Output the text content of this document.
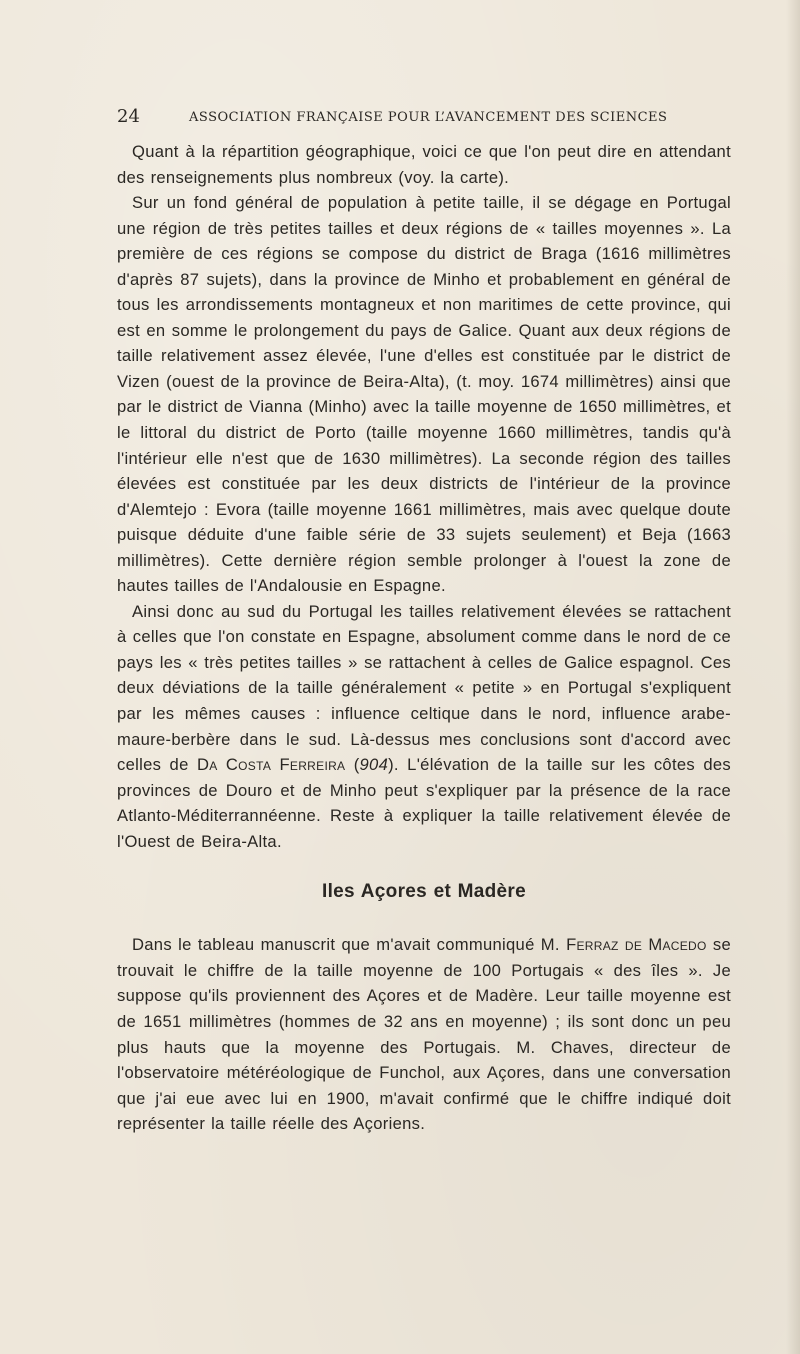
24	ASSOCIATION FRANÇAISE POUR L’AVANCEMENT DES SCIENCES

Quant à la répartition géographique, voici ce que l'on peut dire en attendant des renseignements plus nombreux (voy. la carte).

Sur un fond général de population à petite taille, il se dégage en Portugal une région de très petites tailles et deux régions de « tailles moyennes ». La première de ces régions se compose du district de Braga (1616 millimètres d'après 87 sujets), dans la province de Minho et probablement en général de tous les arrondissements montagneux et non maritimes de cette province, qui est en somme le prolongement du pays de Galice. Quant aux deux régions de taille relativement assez élevée, l'une d'elles est constituée par le district de Vizen (ouest de la province de Beira-Alta), (t. moy. 1674 millimètres) ainsi que par le district de Vianna (Minho) avec la taille moyenne de 1650 millimètres, et le littoral du district de Porto (taille moyenne 1660 millimètres, tandis qu'à l'intérieur elle n'est que de 1630 millimètres). La seconde région des tailles élevées est constituée par les deux districts de l'intérieur de la province d'Alemtejo : Evora (taille moyenne 1661 millimètres, mais avec quelque doute puisque déduite d'une faible série de 33 sujets seulement) et Beja (1663 millimètres). Cette dernière région semble prolonger à l'ouest la zone de hautes tailles de l'Andalousie en Espagne.

Ainsi donc au sud du Portugal les tailles relativement élevées se rattachent à celles que l'on constate en Espagne, absolument comme dans le nord de ce pays les « très petites tailles » se rattachent à celles de Galice espagnol. Ces deux déviations de la taille généralement « petite » en Portugal s'expliquent par les mêmes causes : influence celtique dans le nord, influence arabe-maure-berbère dans le sud. Là-dessus mes conclusions sont d'accord avec celles de Da Costa Ferreira (904). L'élévation de la taille sur les côtes des provinces de Douro et de Minho peut s'expliquer par la présence de la race Atlanto-Méditerrannéenne. Reste à expliquer la taille relativement élevée de l'Ouest de Beira-Alta.

Iles Açores et Madère

Dans le tableau manuscrit que m'avait communiqué M. Ferraz de Macedo se trouvait le chiffre de la taille moyenne de 100 Portugais « des îles ». Je suppose qu'ils proviennent des Açores et de Madère. Leur taille moyenne est de 1651 millimètres (hommes de 32 ans en moyenne) ; ils sont donc un peu plus hauts que la moyenne des Portugais. M. Chaves, directeur de l'observatoire météréologique de Funchol, aux Açores, dans une conversation que j'ai eue avec lui en 1900, m'avait confirmé que le chiffre indiqué doit représenter la taille réelle des Açoriens.
